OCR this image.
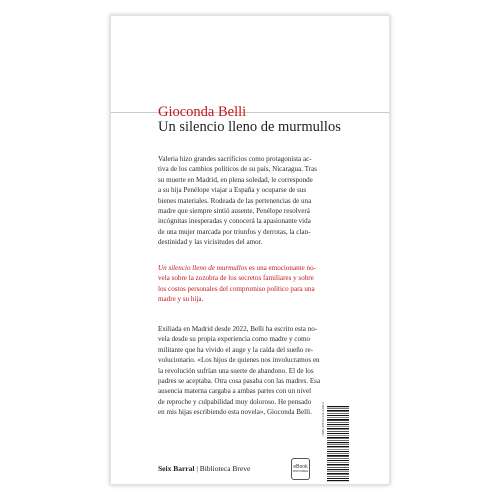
Gioconda Belli
Un silencio lleno de murmullos
Valeria hizo grandes sacrificios como protagonista ac-
tiva de los cambios políticos de su país, Nicaragua. Tras
su muerte en Madrid, en plena soledad, le corresponde
a su hija Penélope viajar a España y ocuparse de sus
bienes materiales. Rodeada de las pertenencias de una
madre que siempre sintió ausente, Penélope resolverá
incógnitas inesperadas y conocerá la apasionante vida
de una mujer marcada por triunfos y derrotas, la clan-
destinidad y las vicisitudes del amor.
Un silencio lleno de murmullos es una emocionante no-
vela sobre la zozobra de los secretos familiares y sobre
los costos personales del compromiso político para una
madre y su hija.
Exiliada en Madrid desde 2022, Belli ha escrito esta no-
vela desde su propia experiencia como madre y como
militante que ha vivido el auge y la caída del sueño re-
volucionario. «Los hijos de quienes nos involucramos en
la revolución sufrían una suerte de abandono. El de los
padres se aceptaba. Otra cosa pasaba con las madres. Esa
ausencia materna cargaba a ambas partes con un nivel
de reproche y culpabilidad muy doloroso. He pensado
en mis hijas escribiendo esta novela», Gioconda Belli.
Seix Barral | Biblioteca Breve	eBook
DISPONIBLE
ISBN 978-84-322-4290-0
